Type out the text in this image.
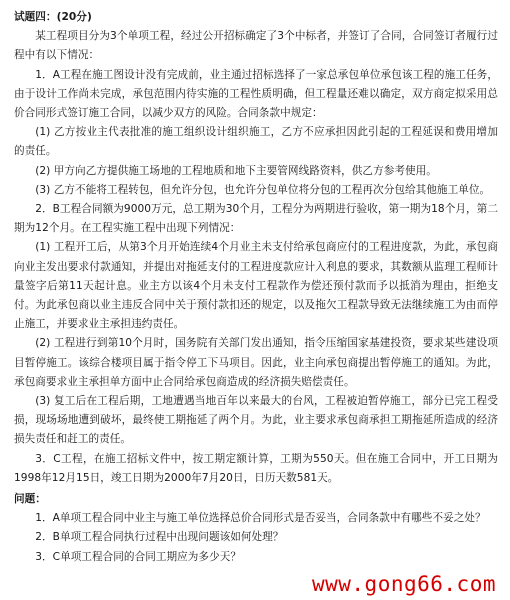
试题四：(20分)

某工程项目分为3个单项工程，经过公开招标确定了3个中标者，并签订了合同，合同签订者履行过程中有以下情况：

1．A工程在施工图设计没有完成前，业主通过招标选择了一家总承包单位承包该工程的施工任务，由于设计工作尚未完成，承包范围内待实施的工程性质明确，但工程量还难以确定，双方商定拟采用总价合同形式签订施工合同，以减少双方的风险。合同条款中规定：

(1) 乙方按业主代表批准的施工组织设计组织施工，乙方不应承担因此引起的工程延误和费用增加的责任。

(2) 甲方向乙方提供施工场地的工程地质和地下主要管网线路资料，供乙方参考使用。

(3) 乙方不能将工程转包，但允许分包，也允许分包单位将分包的工程再次分包给其他施工单位。

2．B工程合同额为9000万元，总工期为30个月，工程分为两期进行验收，第一期为18个月，第二期为12个月。在工程实施工程中出现下列情况：

(1) 工程开工后，从第3个月开始连续4个月业主未支付给承包商应付的工程进度款，为此，承包商向业主发出要求付款通知，并提出对拖延支付的工程进度款应计入利息的要求，其数额从监理工程师计量签字后第11天起计息。业主方以该4个月未支付工程款作为偿还预付款而予以抵消为理由，拒绝支付。为此承包商以业主违反合同中关于预付款扣还的规定，以及拖欠工程款导致无法继续施工为由而停止施工，并要求业主承担违约责任。

(2) 工程进行到第10个月时，国务院有关部门发出通知，指令压缩国家基建投资，要求某些建设项目暂停施工。该综合楼项目属于指令停工下马项目。因此，业主向承包商提出暂停施工的通知。为此，承包商要求业主承担单方面中止合同给承包商造成的经济损失赔偿责任。

(3) 复工后在工程后期，工地遭遇当地百年以来最大的台风，工程被迫暂停施工，部分已完工程受损，现场场地遭到破坏，最终使工期拖延了两个月。为此，业主要求承包商承担工期拖延所造成的经济损失责任和赶工的责任。

3．C工程，在施工招标文件中，按工期定额计算，工期为550天。但在施工合同中，开工日期为1998年12月15日，竣工日期为2000年7月20日，日历天数581天。

问题：

1．A单项工程合同中业主与施工单位选择总价合同形式是否妥当，合同条款中有哪些不妥之处？

2．B单项工程合同执行过程中出现问题该如何处理？

3．C单项工程合同的合同工期应为多少天？

www.gong66.com
